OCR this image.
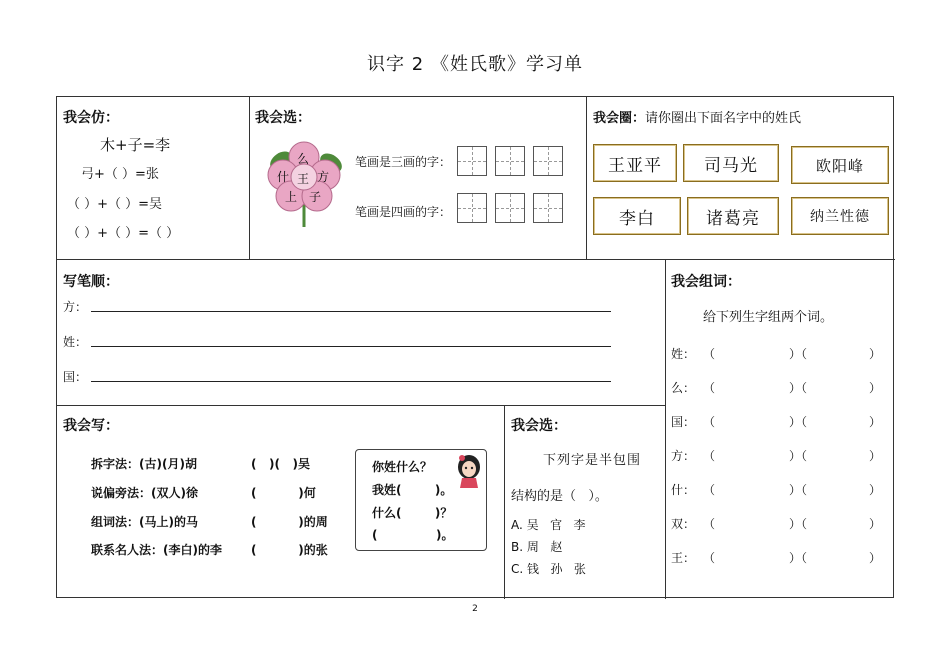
识字 2 《姓氏歌》学习单
我会仿：
木+子=李
弓+（ ）=张
（ ）+（ ）=吴
（ ）+（ ）=（ ）
我会选：
么
什 王 方
上 子
笔画是三画的字：
笔画是四画的字：
我会圈：请你圈出下面名字中的姓氏
王亚平	司马光	欧阳峰
李白	诸葛亮	纳兰性德
写笔顺：
方：
姓：
国：
我会组词：
给下列生字组两个词。
姓： （	）（	）
么： （	）（	）
国： （	）（	）
方： （	）（	）
什： （	）（	）
双： （	）（	）
王： （	）（	）
我会写：
拆字法：(古)(月)胡	(   )(   )吴
说偏旁法：(双人)徐	(          )何
组词法：(马上)的马	(          )的周
联系名人法：(李白)的李 (          )的张
你姓什么？
我姓(        )。
什么(        )？
(              )。
我会选：
下列字是半包围
结构的是（   ）。
A. 吴   官   李
B. 周   赵
C. 钱   孙   张
2
